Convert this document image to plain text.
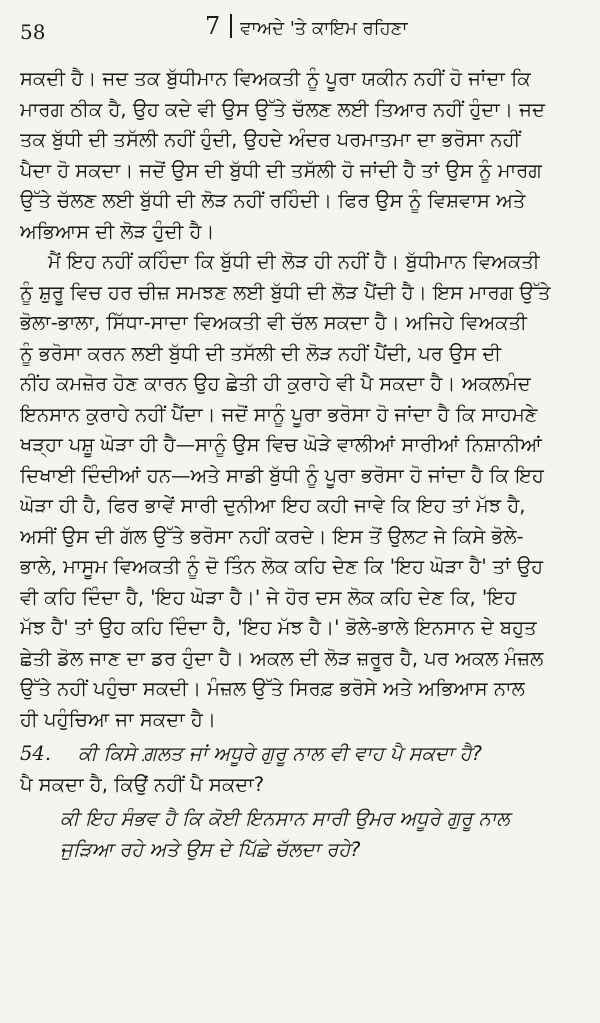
58	7 ਵਾਅਦੇ 'ਤੇ ਕਾਇਮ ਰਹਿਣਾ
ਸਕਦੀ ਹੈ। ਜਦ ਤਕ ਬੁੱਧੀਮਾਨ ਵਿਅਕਤੀ ਨੂੰ ਪੂਰਾ ਯਕੀਨ ਨਹੀਂ ਹੋ ਜਾਂਦਾ ਕਿ
ਮਾਰਗ ਠੀਕ ਹੈ, ਉਹ ਕਦੇ ਵੀ ਉਸ ਉੱਤੇ ਚੱਲਣ ਲਈ ਤਿਆਰ ਨਹੀਂ ਹੁੰਦਾ। ਜਦ
ਤਕ ਬੁੱਧੀ ਦੀ ਤਸੱਲੀ ਨਹੀਂ ਹੁੰਦੀ, ਉਹਦੇ ਅੰਦਰ ਪਰਮਾਤਮਾ ਦਾ ਭਰੋਸਾ ਨਹੀਂ
ਪੈਦਾ ਹੋ ਸਕਦਾ। ਜਦੋਂ ਉਸ ਦੀ ਬੁੱਧੀ ਦੀ ਤਸੱਲੀ ਹੋ ਜਾਂਦੀ ਹੈ ਤਾਂ ਉਸ ਨੂੰ ਮਾਰਗ
ਉੱਤੇ ਚੱਲਣ ਲਈ ਬੁੱਧੀ ਦੀ ਲੋੜ ਨਹੀਂ ਰਹਿੰਦੀ। ਫਿਰ ਉਸ ਨੂੰ ਵਿਸ਼ਵਾਸ ਅਤੇ
ਅਭਿਆਸ ਦੀ ਲੋੜ ਹੁੰਦੀ ਹੈ।
ਮੈਂ ਇਹ ਨਹੀਂ ਕਹਿੰਦਾ ਕਿ ਬੁੱਧੀ ਦੀ ਲੋੜ ਹੀ ਨਹੀਂ ਹੈ। ਬੁੱਧੀਮਾਨ ਵਿਅਕਤੀ
ਨੂੰ ਸ਼ੁਰੂ ਵਿਚ ਹਰ ਚੀਜ਼ ਸਮਝਣ ਲਈ ਬੁੱਧੀ ਦੀ ਲੋੜ ਪੈਂਦੀ ਹੈ। ਇਸ ਮਾਰਗ ਉੱਤੇ
ਭੋਲਾ-ਭਾਲਾ, ਸਿੱਧਾ-ਸਾਦਾ ਵਿਅਕਤੀ ਵੀ ਚੱਲ ਸਕਦਾ ਹੈ। ਅਜਿਹੇ ਵਿਅਕਤੀ
ਨੂੰ ਭਰੋਸਾ ਕਰਨ ਲਈ ਬੁੱਧੀ ਦੀ ਤਸੱਲੀ ਦੀ ਲੋੜ ਨਹੀਂ ਪੈਂਦੀ, ਪਰ ਉਸ ਦੀ
ਨੀਂਹ ਕਮਜ਼ੋਰ ਹੋਣ ਕਾਰਨ ਉਹ ਛੇਤੀ ਹੀ ਕੁਰਾਹੇ ਵੀ ਪੈ ਸਕਦਾ ਹੈ। ਅਕਲਮੰਦ
ਇਨਸਾਨ ਕੁਰਾਹੇ ਨਹੀਂ ਪੈਂਦਾ। ਜਦੋਂ ਸਾਨੂੰ ਪੂਰਾ ਭਰੋਸਾ ਹੋ ਜਾਂਦਾ ਹੈ ਕਿ ਸਾਹਮਣੇ
ਖੜ੍ਹਾ ਪਸ਼ੂ ਘੋੜਾ ਹੀ ਹੈ—ਸਾਨੂੰ ਉਸ ਵਿਚ ਘੋੜੇ ਵਾਲੀਆਂ ਸਾਰੀਆਂ ਨਿਸ਼ਾਨੀਆਂ
ਦਿਖਾਈ ਦਿੰਦੀਆਂ ਹਨ—ਅਤੇ ਸਾਡੀ ਬੁੱਧੀ ਨੂੰ ਪੂਰਾ ਭਰੋਸਾ ਹੋ ਜਾਂਦਾ ਹੈ ਕਿ ਇਹ
ਘੋੜਾ ਹੀ ਹੈ, ਫਿਰ ਭਾਵੇਂ ਸਾਰੀ ਦੁਨੀਆ ਇਹ ਕਹੀ ਜਾਵੇ ਕਿ ਇਹ ਤਾਂ ਮੱਝ ਹੈ,
ਅਸੀਂ ਉਸ ਦੀ ਗੱਲ ਉੱਤੇ ਭਰੋਸਾ ਨਹੀਂ ਕਰਦੇ। ਇਸ ਤੋਂ ਉਲਟ ਜੇ ਕਿਸੇ ਭੋਲੇ-
ਭਾਲੇ, ਮਾਸੂਮ ਵਿਅਕਤੀ ਨੂੰ ਦੋ ਤਿੰਨ ਲੋਕ ਕਹਿ ਦੇਣ ਕਿ 'ਇਹ ਘੋੜਾ ਹੈ' ਤਾਂ ਉਹ
ਵੀ ਕਹਿ ਦਿੰਦਾ ਹੈ, 'ਇਹ ਘੋੜਾ ਹੈ।' ਜੇ ਹੋਰ ਦਸ ਲੋਕ ਕਹਿ ਦੇਣ ਕਿ, 'ਇਹ
ਮੱਝ ਹੈ' ਤਾਂ ਉਹ ਕਹਿ ਦਿੰਦਾ ਹੈ, 'ਇਹ ਮੱਝ ਹੈ।' ਭੋਲੇ-ਭਾਲੇ ਇਨਸਾਨ ਦੇ ਬਹੁਤ
ਛੇਤੀ ਡੋਲ ਜਾਣ ਦਾ ਡਰ ਹੁੰਦਾ ਹੈ। ਅਕਲ ਦੀ ਲੋੜ ਜ਼ਰੂਰ ਹੈ, ਪਰ ਅਕਲ ਮੰਜ਼ਲ
ਉੱਤੇ ਨਹੀਂ ਪਹੁੰਚਾ ਸਕਦੀ। ਮੰਜ਼ਲ ਉੱਤੇ ਸਿਰਫ਼ ਭਰੋਸੇ ਅਤੇ ਅਭਿਆਸ ਨਾਲ
ਹੀ ਪਹੁੰਚਿਆ ਜਾ ਸਕਦਾ ਹੈ।
54. ਕੀ ਕਿਸੇ ਗ਼ਲਤ ਜਾਂ ਅਧੂਰੇ ਗੁਰੂ ਨਾਲ ਵੀ ਵਾਹ ਪੈ ਸਕਦਾ ਹੈ?
ਪੈ ਸਕਦਾ ਹੈ, ਕਿਉਂ ਨਹੀਂ ਪੈ ਸਕਦਾ?
ਕੀ ਇਹ ਸੰਭਵ ਹੈ ਕਿ ਕੋਈ ਇਨਸਾਨ ਸਾਰੀ ਉਮਰ ਅਧੂਰੇ ਗੁਰੂ ਨਾਲ
ਜੁੜਿਆ ਰਹੇ ਅਤੇ ਉਸ ਦੇ ਪਿੱਛੇ ਚੱਲਦਾ ਰਹੇ?
